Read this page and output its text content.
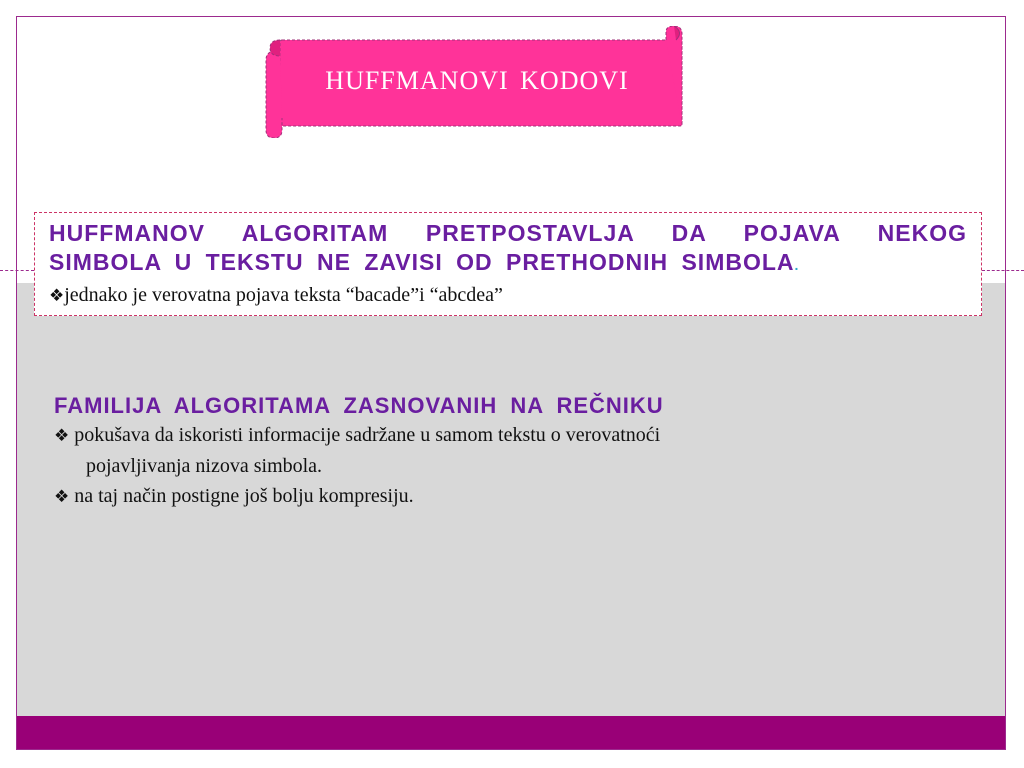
HUFFMANOVI KODOVI
HUFFMANOV ALGORITAM PRETPOSTAVLJA DA POJAVA NEKOG
SIMBOLA U TEKSTU NE ZAVISI OD PRETHODNIH SIMBOLA.
❖jednako je verovatna pojava teksta “bacade”i “abcdea”
FAMILIJA ALGORITAMA ZASNOVANIH NA REČNIKU
❖ pokušava da iskoristi informacije sadržane u samom tekstu o verovatnoći
pojavljivanja nizova simbola.
❖ na taj način postigne još bolju kompresiju.
